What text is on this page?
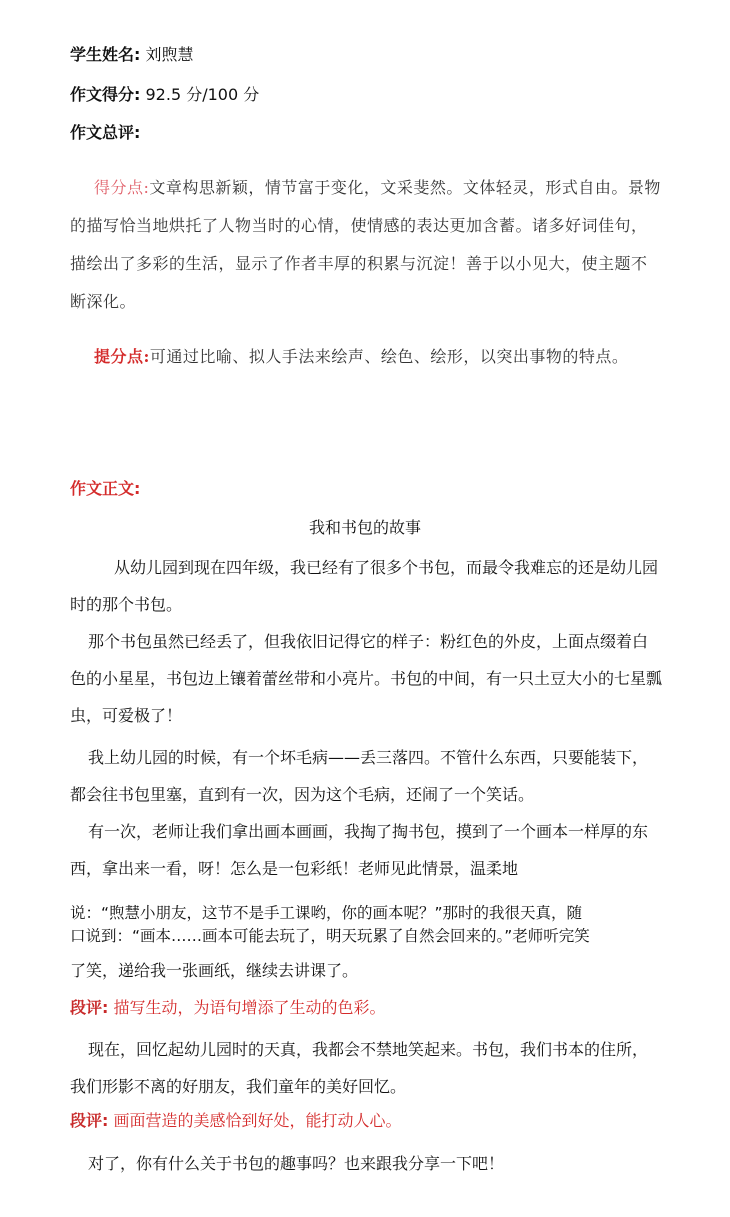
学生姓名: 刘煦慧
作文得分: 92.5 分/100 分
作文总评:
得分点:文章构思新颖，情节富于变化，文采斐然。文体轻灵，形式自由。景物的描写恰当地烘托了人物当时的心情，使情感的表达更加含蓄。诸多好词佳句，描绘出了多彩的生活，显示了作者丰厚的积累与沉淀！善于以小见大，使主题不断深化。
提分点:可通过比喻、拟人手法来绘声、绘色、绘形，以突出事物的特点。
作文正文:
我和书包的故事
从幼儿园到现在四年级，我已经有了很多个书包，而最令我难忘的还是幼儿园时的那个书包。
那个书包虽然已经丢了，但我依旧记得它的样子：粉红色的外皮，上面点缀着白色的小星星，书包边上镶着蕾丝带和小亮片。书包的中间，有一只土豆大小的七星瓢虫，可爱极了！
我上幼儿园的时候，有一个坏毛病——丢三落四。不管什么东西，只要能装下，都会往书包里塞，直到有一次，因为这个毛病，还闹了一个笑话。
有一次，老师让我们拿出画本画画，我掏了掏书包，摸到了一个画本一样厚的东西，拿出来一看，呀！怎么是一包彩纸！老师见此情景，温柔地
说：“煦慧小朋友，这节不是手工课哟，你的画本呢？”那时的我很天真，随
口说到：“画本……画本可能去玩了，明天玩累了自然会回来的。”老师听完笑
了笑，递给我一张画纸，继续去讲课了。
段评: 描写生动，为语句增添了生动的色彩。
现在，回忆起幼儿园时的天真，我都会不禁地笑起来。书包，我们书本的住所，我们形影不离的好朋友，我们童年的美好回忆。
段评: 画面营造的美感恰到好处，能打动人心。
对了，你有什么关于书包的趣事吗？也来跟我分享一下吧！
